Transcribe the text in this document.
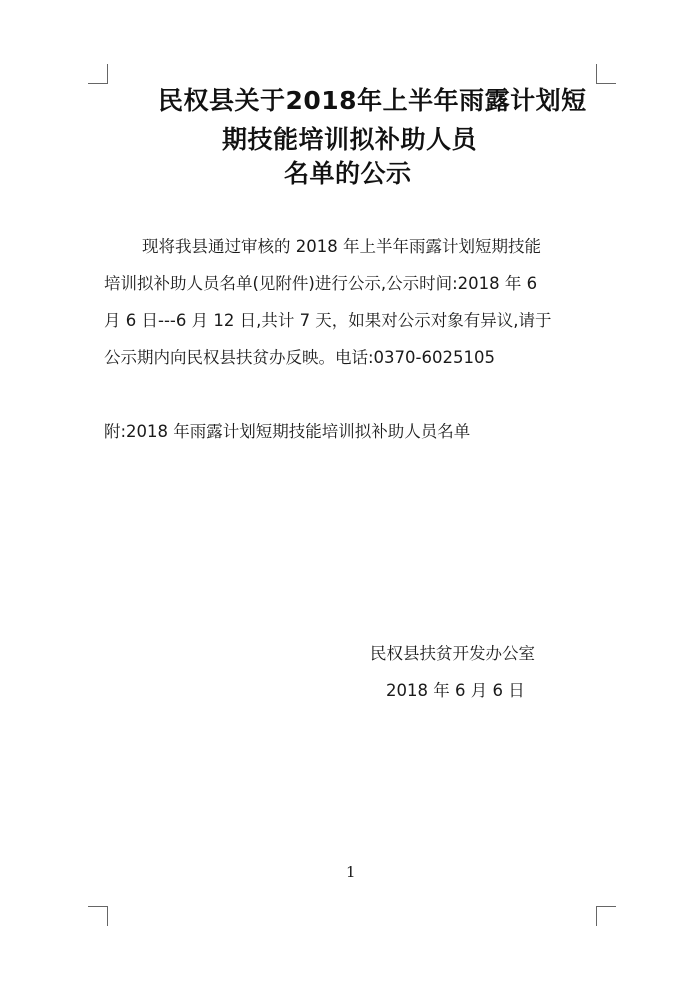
民权县关于2018年上半年雨露计划短
期技能培训拟补助人员
名单的公示
现将我县通过审核的 2018 年上半年雨露计划短期技能
培训拟补助人员名单(见附件)进行公示,公示时间:2018 年 6
月 6 日---6 月 12 日,共计 7 天，如果对公示对象有异议,请于
公示期内向民权县扶贫办反映。电话:0370-6025105
附:2018 年雨露计划短期技能培训拟补助人员名单
民权县扶贫开发办公室
2018 年 6 月 6 日
1
